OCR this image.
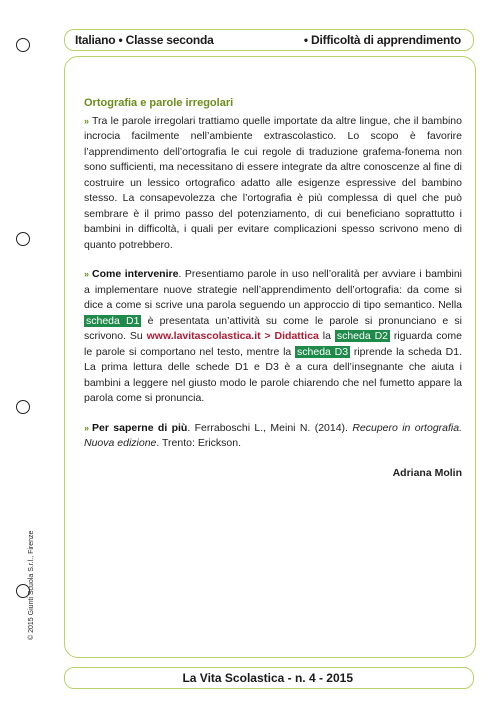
Italiano • Classe seconda	• Difficoltà di apprendimento
© 2015 Giunti Scuola S.r.l., Firenze
Ortografia e parole irregolari

» Tra le parole irregolari trattiamo quelle importate da altre lingue, che il bambino incrocia facilmente nell’ambiente extrascolastico. Lo scopo è favorire l’apprendimento dell’ortografia le cui regole di traduzione grafema-fonema non sono sufficienti, ma necessitano di essere integrate da altre conoscenze al fine di costruire un lessico ortografico adatto alle esigenze espressive del bambino stesso. La consapevolezza che l’ortografia è più complessa di quel che può sembrare è il primo passo del potenziamento, di cui beneficiano soprattutto i bambini in difficoltà, i quali per evitare complicazioni spesso scrivono meno di quanto potrebbero.

» Come intervenire. Presentiamo parole in uso nell’oralità per avviare i bambini a implementare nuove strategie nell’apprendimento dell’ortografia: da come si dice a come si scrive una parola seguendo un approccio di tipo semantico. Nella scheda D1 è presentata un’attività su come le parole si pronunciano e si scrivono. Su www.lavitascolastica.it > Didattica la scheda D2 riguarda come le parole si comportano nel testo, mentre la scheda D3 riprende la scheda D1. La prima lettura delle schede D1 e D3 è a cura dell’insegnante che aiuta i bambini a leggere nel giusto modo le parole chiarendo che nel fumetto appare la parola come si pronuncia.

» Per saperne di più. Ferraboschi L., Meini N. (2014). Recupero in ortografia. Nuova edizione. Trento: Erickson.

Adriana Molin
La Vita Scolastica - n. 4 - 2015
